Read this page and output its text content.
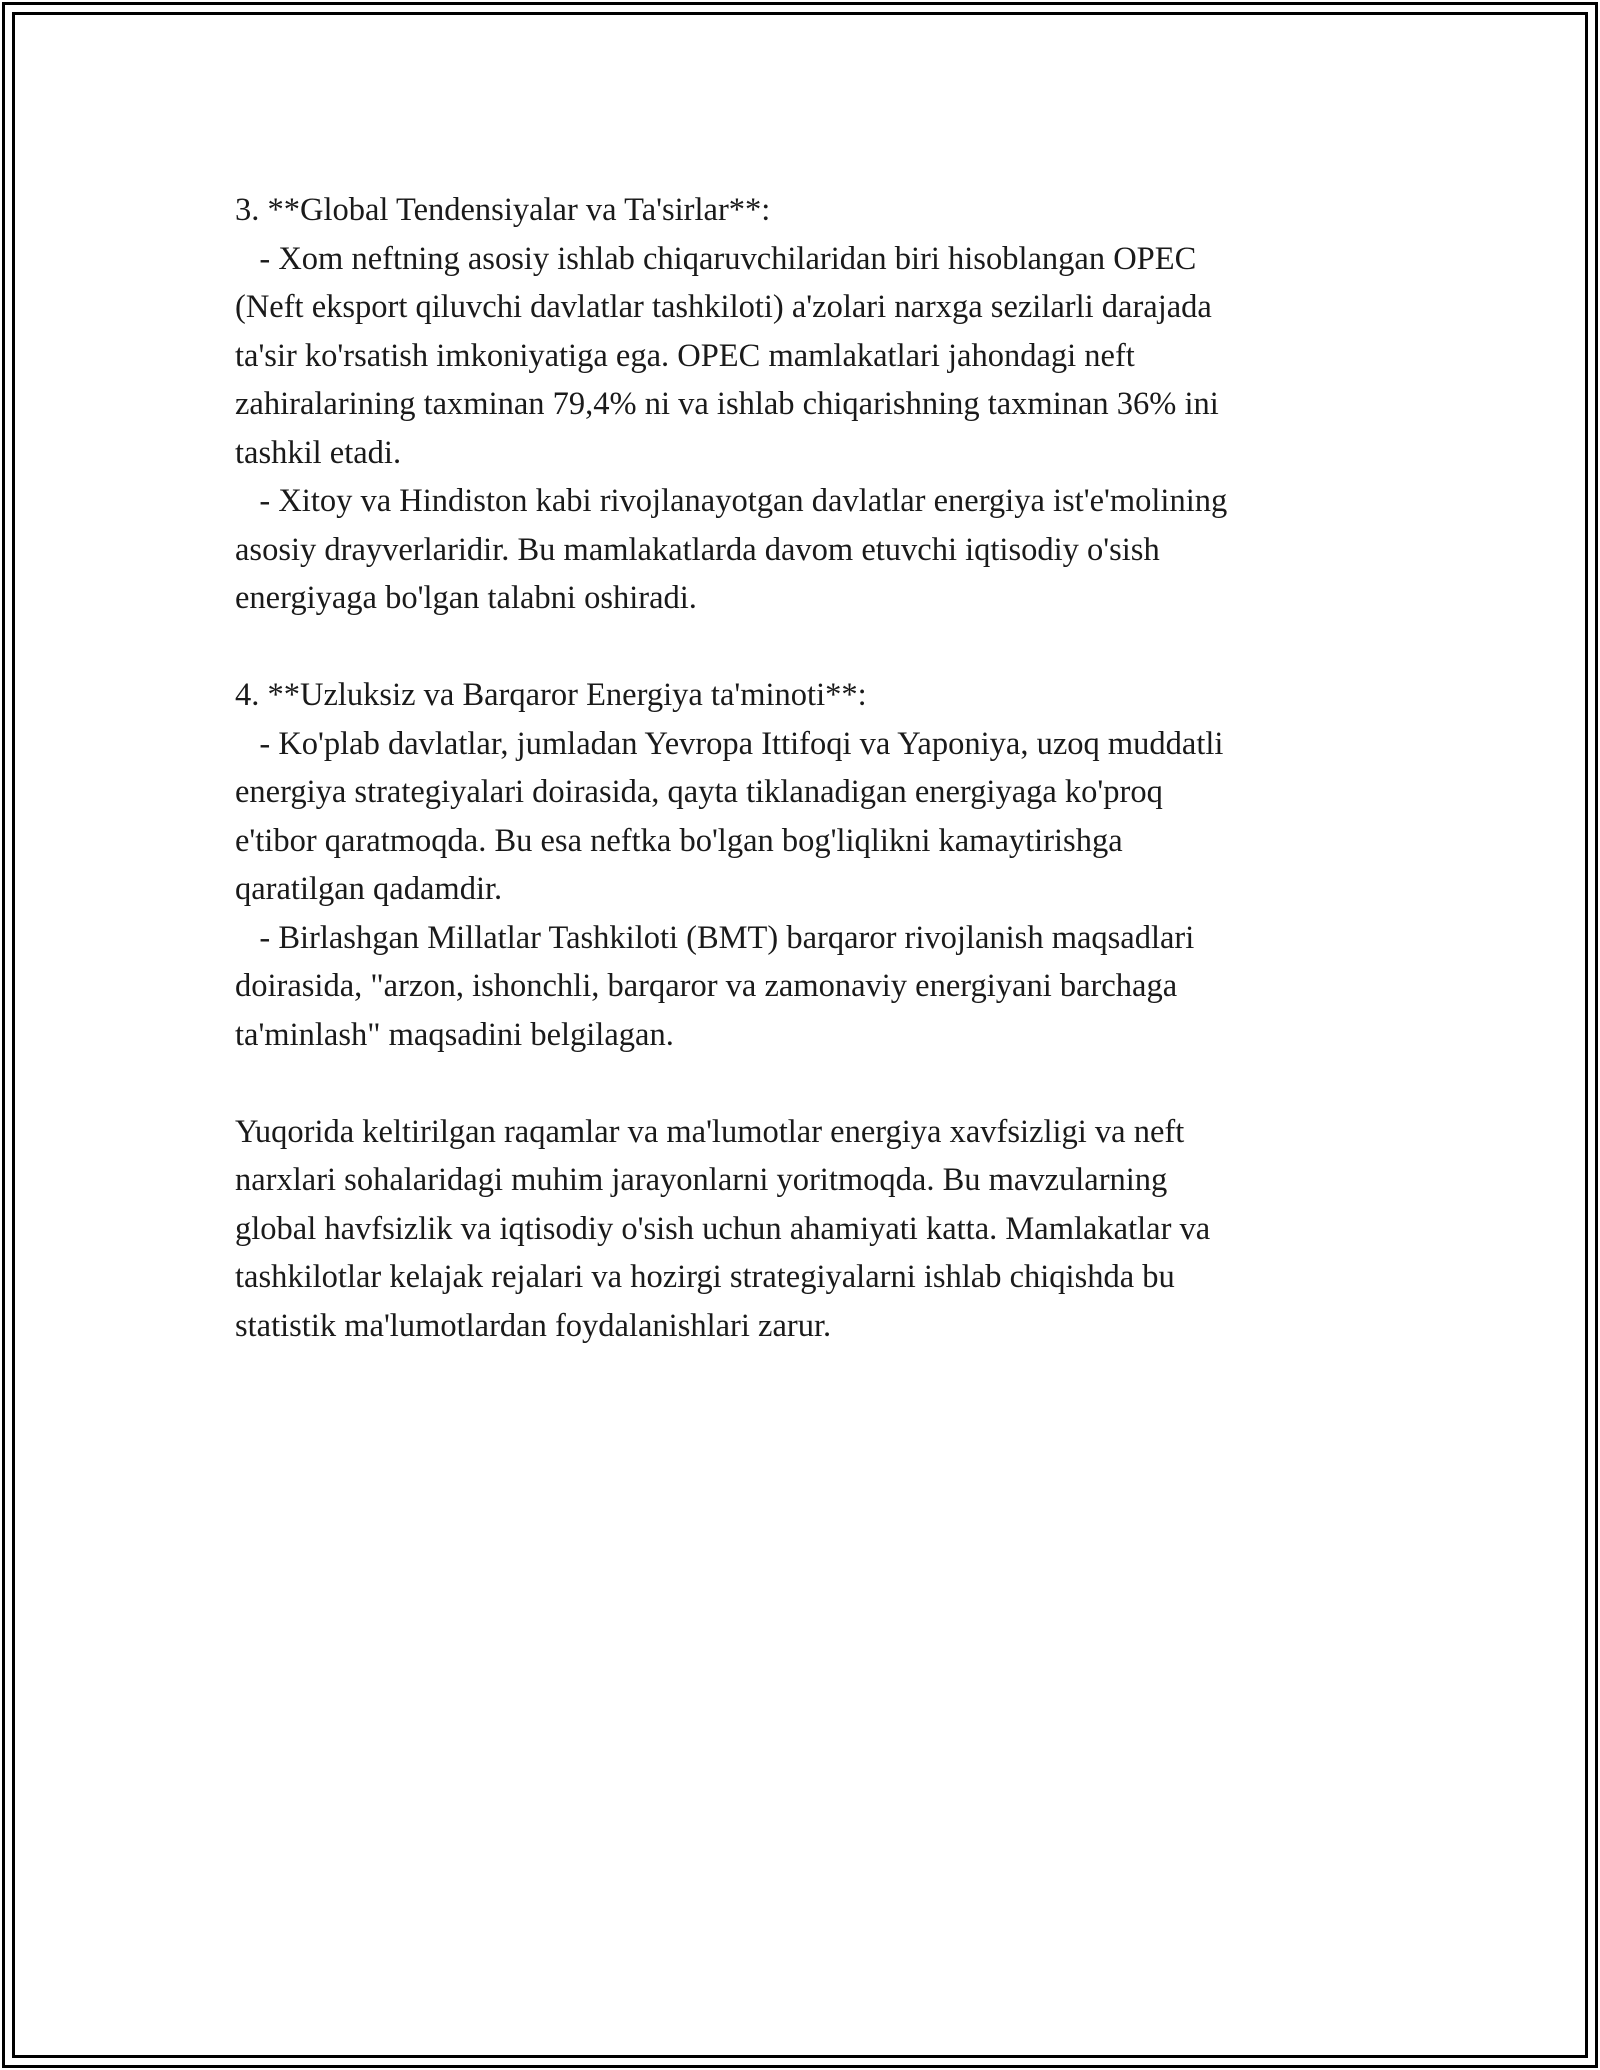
3. **Global Tendensiyalar va Ta'sirlar**:
- Xom neftning asosiy ishlab chiqaruvchilaridan biri hisoblangan OPEC
(Neft eksport qiluvchi davlatlar tashkiloti) a'zolari narxga sezilarli darajada
ta'sir ko'rsatish imkoniyatiga ega. OPEC mamlakatlari jahondagi neft
zahiralarining taxminan 79,4% ni va ishlab chiqarishning taxminan 36% ini
tashkil etadi.
- Xitoy va Hindiston kabi rivojlanayotgan davlatlar energiya ist'e'molining
asosiy drayverlaridir. Bu mamlakatlarda davom etuvchi iqtisodiy o'sish
energiyaga bo'lgan talabni oshiradi.
4. **Uzluksiz va Barqaror Energiya ta'minoti**:
- Ko'plab davlatlar, jumladan Yevropa Ittifoqi va Yaponiya, uzoq muddatli
energiya strategiyalari doirasida, qayta tiklanadigan energiyaga ko'proq
e'tibor qaratmoqda. Bu esa neftka bo'lgan bog'liqlikni kamaytirishga
qaratilgan qadamdir.
- Birlashgan Millatlar Tashkiloti (BMT) barqaror rivojlanish maqsadlari
doirasida, "arzon, ishonchli, barqaror va zamonaviy energiyani barchaga
ta'minlash" maqsadini belgilagan.
Yuqorida keltirilgan raqamlar va ma'lumotlar energiya xavfsizligi va neft
narxlari sohalaridagi muhim jarayonlarni yoritmoqda. Bu mavzularning
global havfsizlik va iqtisodiy o'sish uchun ahamiyati katta. Mamlakatlar va
tashkilotlar kelajak rejalari va hozirgi strategiyalarni ishlab chiqishda bu
statistik ma'lumotlardan foydalanishlari zarur.
